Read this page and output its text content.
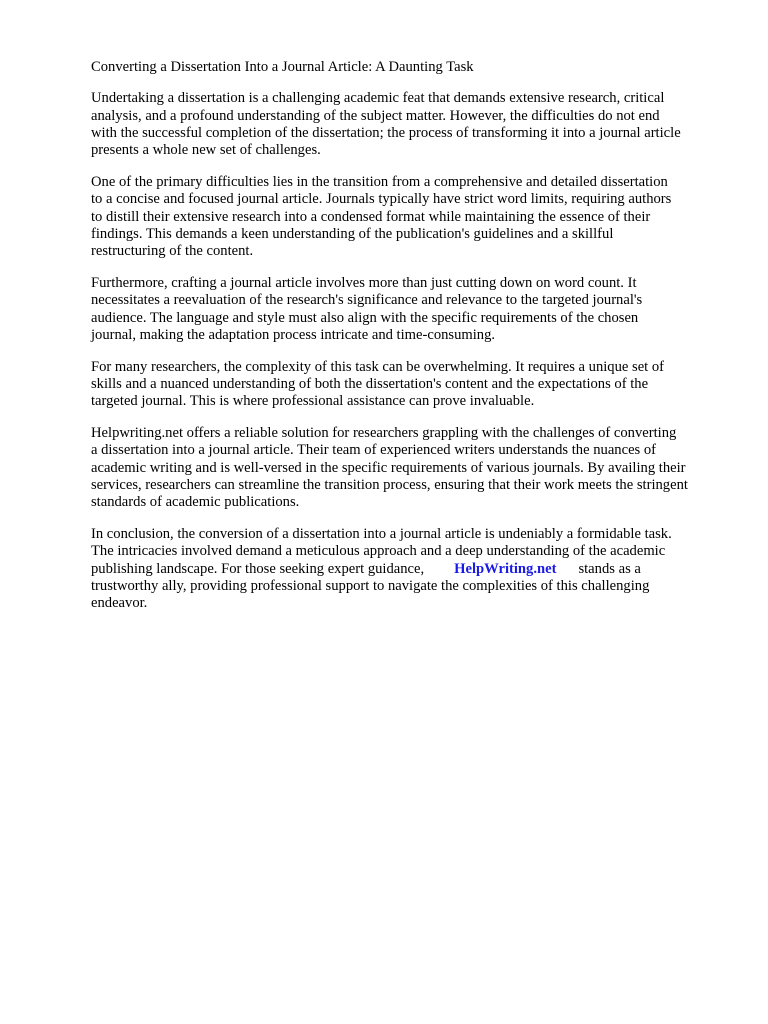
Converting a Dissertation Into a Journal Article: A Daunting Task
Undertaking a dissertation is a challenging academic feat that demands extensive research, critical
analysis, and a profound understanding of the subject matter. However, the difficulties do not end
with the successful completion of the dissertation; the process of transforming it into a journal article
presents a whole new set of challenges.
One of the primary difficulties lies in the transition from a comprehensive and detailed dissertation
to a concise and focused journal article. Journals typically have strict word limits, requiring authors
to distill their extensive research into a condensed format while maintaining the essence of their
findings. This demands a keen understanding of the publication's guidelines and a skillful
restructuring of the content.
Furthermore, crafting a journal article involves more than just cutting down on word count. It
necessitates a reevaluation of the research's significance and relevance to the targeted journal's
audience. The language and style must also align with the specific requirements of the chosen
journal, making the adaptation process intricate and time-consuming.
For many researchers, the complexity of this task can be overwhelming. It requires a unique set of
skills and a nuanced understanding of both the dissertation's content and the expectations of the
targeted journal. This is where professional assistance can prove invaluable.
Helpwriting.net offers a reliable solution for researchers grappling with the challenges of converting
a dissertation into a journal article. Their team of experienced writers understands the nuances of
academic writing and is well-versed in the specific requirements of various journals. By availing their
services, researchers can streamline the transition process, ensuring that their work meets the stringent
standards of academic publications.
In conclusion, the conversion of a dissertation into a journal article is undeniably a formidable task.
The intricacies involved demand a meticulous approach and a deep understanding of the academic
publishing landscape. For those seeking expert guidance, HelpWriting.net stands as a
trustworthy ally, providing professional support to navigate the complexities of this challenging
endeavor.
